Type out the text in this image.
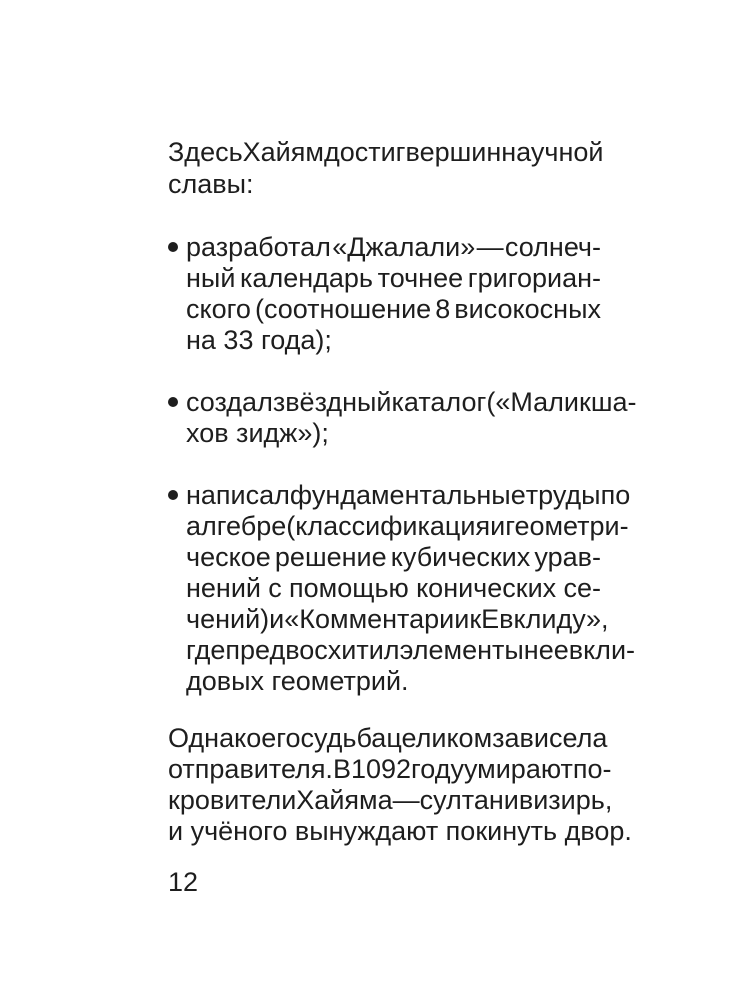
Здесь Хайям достиг вершин научной
славы:
разработал «Джалали» — солнеч-
ный календарь точнее григориан-
ского (соотношение 8 високосных
на 33 года);
создал звёздный каталог («Маликша-
хов зидж»);
написал фундаментальные труды по
алгебре (классификация и геометри-
ческое решение кубических урав-
нений с помощью конических се-
чений) и «Комментарии к Евклиду»,
где предвосхитил элементы неевкли-
довых геометрий.
Однако его судьба целиком зависела
от правителя. В 1092 году умирают по-
кровители Хайяма — султан и визирь,
и учёного вынуждают покинуть двор.
12
